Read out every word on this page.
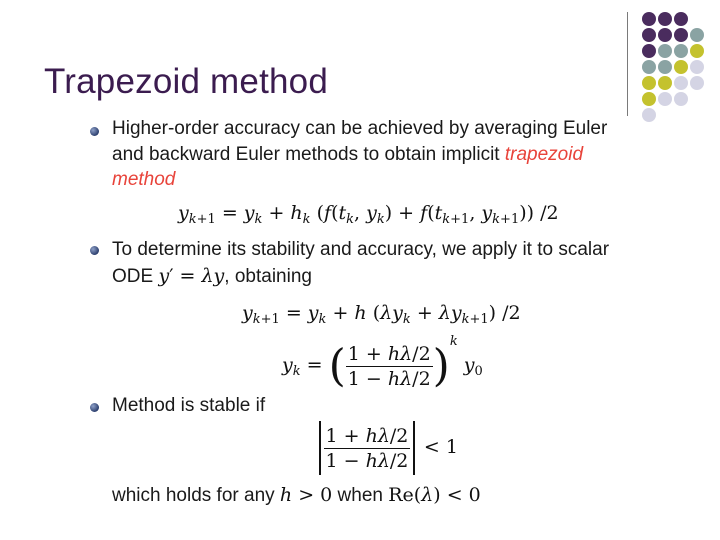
Trapezoid method
Higher-order accuracy can be achieved by averaging Euler
and backward Euler methods to obtain implicit trapezoid
method
$y_{k+1} = y_k + h_k$ ($f(t_k$, $y_k) + f(t_{k+1}$, $y_{k+1}$)) /2
To determine its stability and accuracy, we apply it to scalar
ODE y′ = λy, obtaining
$y_{k+1} = y_k + h$ $(\lambda y_k + \lambda y_{k+1})$ /2
$y_k$ = ( $\frac{1 + h\lambda/2}{1 - h\lambda/2} )^k$ $y_0$
Method is stable if
$\frac{1 + h\lambda/2}{1 - h\lambda/2} < 1$
which holds for any h > 0 when Re(λ) < 0
